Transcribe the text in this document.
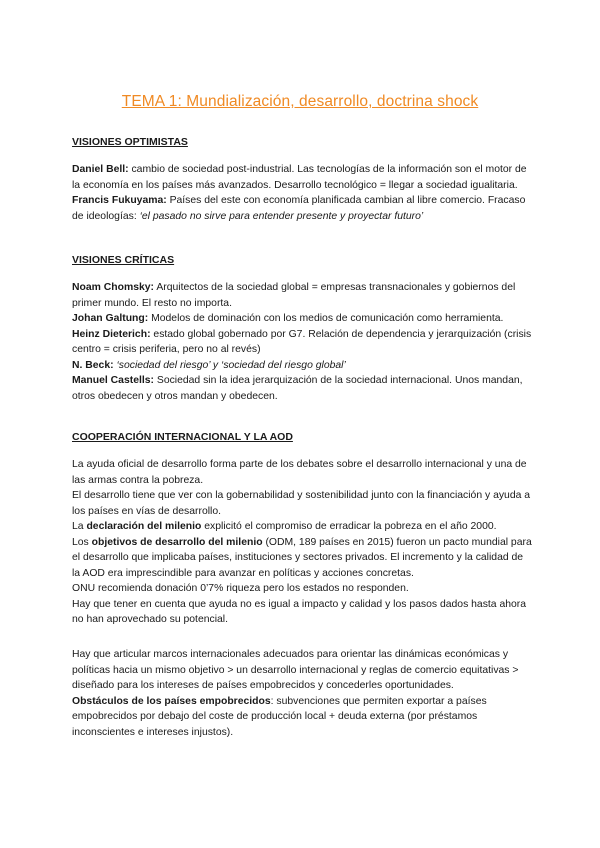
TEMA 1: Mundialización, desarrollo, doctrina shock
VISIONES OPTIMISTAS

Daniel Bell: cambio de sociedad post-industrial. Las tecnologías de la información son el motor de la economía en los países más avanzados. Desarrollo tecnológico = llegar a sociedad igualitaria.

Francis Fukuyama: Países del este con economía planificada cambian al libre comercio. Fracaso de ideologías: ‘el pasado no sirve para entender presente y proyectar futuro’

VISIONES CRÍTICAS

Noam Chomsky: Arquitectos de la sociedad global = empresas transnacionales y gobiernos del primer mundo. El resto no importa.

Johan Galtung: Modelos de dominación con los medios de comunicación como herramienta.

Heinz Dieterich: estado global gobernado por G7. Relación de dependencia y jerarquización (crisis centro = crisis periferia, pero no al revés)

N. Beck: ‘sociedad del riesgo’ y ‘sociedad del riesgo global’

Manuel Castells: Sociedad sin la idea jerarquización de la sociedad internacional. Unos mandan, otros obedecen y otros mandan y obedecen.

COOPERACIÓN INTERNACIONAL Y LA AOD

La ayuda oficial de desarrollo forma parte de los debates sobre el desarrollo internacional y una de las armas contra la pobreza.

El desarrollo tiene que ver con la gobernabilidad y sostenibilidad junto con la financiación y ayuda a los países en vías de desarrollo.

La declaración del milenio explicitó el compromiso de erradicar la pobreza en el año 2000.

Los objetivos de desarrollo del milenio (ODM, 189 países en 2015) fueron un pacto mundial para el desarrollo que implicaba países, instituciones y sectores privados. El incremento y la calidad de la AOD era imprescindible para avanzar en políticas y acciones concretas.

ONU recomienda donación 0’7% riqueza pero los estados no responden.

Hay que tener en cuenta que ayuda no es igual a impacto y calidad y los pasos dados hasta ahora no han aprovechado su potencial.

Hay que articular marcos internacionales adecuados para orientar las dinámicas económicas y políticas hacia un mismo objetivo > un desarrollo internacional y reglas de comercio equitativas > diseñado para los intereses de países empobrecidos y concederles oportunidades.

Obstáculos de los países empobrecidos: subvenciones que permiten exportar a países empobrecidos por debajo del coste de producción local + deuda externa (por préstamos inconscientes e intereses injustos).
